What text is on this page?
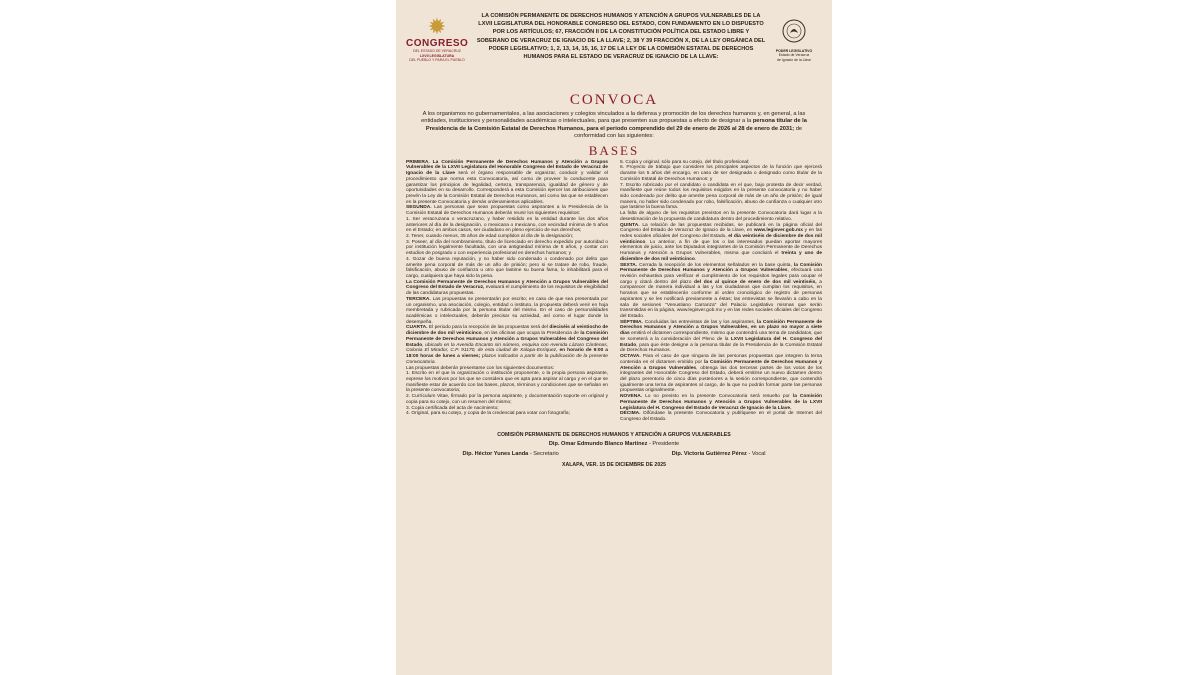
✹
CONGRESO
DEL ESTADO DE VERACRUZ
LXVII LEGISLATURA
DEL PUEBLO Y PARA EL PUEBLO
LA COMISIÓN PERMANENTE DE DERECHOS HUMANOS Y ATENCIÓN A GRUPOS VULNERABLES DE LA LXVII LEGISLATURA DEL HONORABLE CONGRESO DEL ESTADO, CON FUNDAMENTO EN LO DISPUESTO POR LOS ARTÍCULOS; 67, FRACCIÓN II DE LA CONSTITUCIÓN POLÍTICA DEL ESTADO LIBRE Y SOBERANO DE VERACRUZ DE IGNACIO DE LA LLAVE; 2, 38 Y 39 FRACCIÓN X, DE LA LEY ORGÁNICA DEL PODER LEGISLATIVO; 1, 2, 13, 14, 15, 16, 17 DE LA LEY DE LA COMISIÓN ESTATAL DE DERECHOS HUMANOS PARA EL ESTADO DE VERACRUZ DE IGNACIO DE LA LLAVE:
PODER LEGISLATIVO
Estado de Veracruz
de Ignacio de la Llave
CONVOCA
A los organismos no gubernamentales, a las asociaciones y colegios vinculados a la defensa y promoción de los derechos humanos y, en general, a las entidades, instituciones y personalidades académicas o intelectuales, para que presenten sus propuestas a efecto de designar a la persona titular de la Presidencia de la Comisión Estatal de Derechos Humanos, para el periodo comprendido del 29 de enero de 2026 al 28 de enero de 2031; de conformidad con las siguientes:
BASES

PRIMERA. La Comisión Permanente de Derechos Humanos y Atención a Grupos Vulnerables de la LXVII Legislatura del Honorable Congreso del Estado de Veracruz de Ignacio de la Llave será el órgano responsable de organizar, conducir y validar el procedimiento que norma esta Convocatoria, así como de proveer lo conducente para garantizar los principios de legalidad, certeza, transparencia, igualdad de género y de oportunidades en su desarrollo. Corresponderá a esta Comisión ejercer las atribuciones que prevén la Ley de la Comisión Estatal de Derechos Humanos, así como las que se establecen en la presente Convocatoria y demás ordenamientos aplicables.

SEGUNDA. Las personas que sean propuestas como aspirantes a la Presidencia de la Comisión Estatal de Derechos Humanos deberán reunir los siguientes requisitos:

1. Ser veracruzana o veracruzano, y haber residido en la entidad durante los dos años anteriores al día de la designación, o mexicana o mexicano, con vecindad mínima de 5 años en el Estado; en ambos casos, ser ciudadano en pleno ejercicio de sus derechos;

2. Tener, cuando menos, 35 años de edad cumplidos al día de la designación;

3. Poseer, al día del nombramiento, título de licenciado en derecho expedido por autoridad o por institución legalmente facultada, con una antigüedad mínima de 5 años, y contar con estudios de posgrado o con experiencia profesional en derechos humanos; y

4. Gozar de buena reputación, y no haber sido condenado o condenado por delito que amerite pena corporal de más de un año de prisión; pero si se tratare de robo, fraude, falsificación, abuso de confianza u otro que lastime su buena fama, lo inhabilitará para el cargo, cualquiera que haya sido la pena.

La Comisión Permanente de Derechos Humanos y Atención a Grupos Vulnerables del Congreso del Estado de Veracruz, evaluará el cumplimiento de los requisitos de elegibilidad de las candidaturas propuestas.

TERCERA. Las propuestas se presentarán por escrito; en caso de que sea presentada por un organismo, una asociación, colegio, entidad o instituto, la propuesta deberá venir en hoja membretada y rubricada por la persona titular del mismo. En el caso de personalidades académicas o intelectuales, deberán precisar su actividad, así como el lugar donde la desempeña.

CUARTA. El periodo para la recepción de las propuestas será del dieciséis al veintiocho de diciembre de dos mil veinticinco, en las oficinas que ocupa la Presidencia de la Comisión Permanente de Derechos Humanos y Atención a Grupos Vulnerables del Congreso del Estado, ubicado en la Avenida Encanto sin número, esquina con Avenida Lázaro Cárdenas, Colonia El Mirador, C.P. 91170, de esta ciudad de Xalapa-Enríquez, en horario de 9:00 a 18:00 horas de lunes a viernes; plazos indicados a partir de la publicación de la presente Convocatoria.

Las propuestas deberán presentarse con los siguientes documentos:

1. Escrito en el que la organización o institución proponente, o la propia persona aspirante, exprese los motivos por los que se considera que es apta para aspirar al cargo y en el que se manifieste estar de acuerdo con las bases, plazos, términos y condiciones que se señalan en la presente convocatoria;

2. Currículum Vitae, firmado por la persona aspirante, y documentación soporte en original y copia para su cotejo, con un resumen del mismo;

3. Copia certificada del acta de nacimiento;

4. Original, para su cotejo, y copia de la credencial para votar con fotografía;

5. Copia y original, sólo para su cotejo, del título profesional;

6. Proyecto de trabajo que considere los principales aspectos de la función que ejercerá durante los 5 años del encargo, en caso de ser designada o designado como titular de la Comisión Estatal de Derechos Humanos; y

7. Escrito rubricado por el candidato o candidata en el que, bajo protesta de decir verdad, manifieste que reúne todos los requisitos exigidos en la presente convocatoria y no haber sido condenado por delito que amerite pena corporal de más de un año de prisión; de igual manera, no haber sido condenado por robo, falsificación, abuso de confianza o cualquier otro que lastime la buena fama.

La falta de alguno de los requisitos previstos en la presente Convocatoria dará lugar a la desestimación de la propuesta de candidatura dentro del procedimiento relativo.

QUINTA. La relación de las propuestas recibidas, se publicará en la página oficial del Congreso del Estado de Veracruz de Ignacio de la Llave, en www.legisver.gob.mx y en las redes sociales oficiales del Congreso del Estado, el día veintiséis de diciembre de dos mil veinticinco. Lo anterior, a fin de que los o las interesados puedan aportar mayores elementos de juicio, ante los Diputados integrantes de la Comisión Permanente de Derechos Humanos y Atención a Grupos Vulnerables, misma que concluirá el treinta y uno de diciembre de dos mil veinticinco.

SEXTA. Cerrada la recepción de los elementos señalados en la base quinta, la Comisión Permanente de Derechos Humanos y Atención a Grupos Vulnerables, efectuará una revisión exhaustiva para verificar el cumplimiento de los requisitos legales para ocupar el cargo y citará dentro del plazo del dos al quince de enero de dos mil veintiséis, a comparecer de manera individual a las y los ciudadanos que cumplan los requisitos, en horarios que se establecerán conforme al orden cronológico de registro de personas aspirantes y se les notificará previamente a éstas; las entrevistas se llevarán a cabo en la sala de sesiones "Venustiano Carranza" del Palacio Legislativo mismas que serán transmitidas en la página, www.legisver.gob.mx y en las redes sociales oficiales del Congreso del Estado.

SÉPTIMA. Concluidas las entrevistas de las y los aspirantes, la Comisión Permanente de Derechos Humanos y Atención a Grupos Vulnerables, en un plazo no mayor a siete días emitirá el dictamen correspondiente, mismo que contendrá una terna de candidatos, que se someterá a la consideración del Pleno de la LXVII Legislatura del H. Congreso del Estado, para que éste designe a la persona titular de la Presidencia de la Comisión Estatal de Derechos Humanos.

OCTAVA. Para el caso de que ninguna de las personas propuestas que integren la terna contenida en el dictamen emitido por la Comisión Permanente de Derechos Humanos y Atención a Grupos Vulnerables, obtenga las dos terceras partes de los votos de los integrantes del Honorable Congreso del Estado, deberá emitirse un nuevo dictamen dentro del plazo perentorio de cinco días posteriores a la sesión correspondiente, que contendrá igualmente una terna de aspirantes al cargo, de la que no podrán formar parte las personas propuestas originalmente.

NOVENA. Lo no previsto en la presente Convocatoria será resuelto por la Comisión Permanente de Derechos Humanos y Atención a Grupos Vulnerables de la LXVII Legislatura del H. Congreso del Estado de Veracruz de Ignacio de la Llave.

DÉCIMA. Difúndase la presente Convocatoria y publíquese en el portal de Internet del Congreso del Estado.

COMISIÓN PERMANENTE DE DERECHOS HUMANOS Y ATENCIÓN A GRUPOS VULNERABLES
Dip. Omar Edmundo Blanco Martínez - Presidente
Dip. Héctor Yunes Landa - Secretario	Dip. Victoria Gutiérrez Pérez - Vocal
XALAPA, VER. 15 DE DICIEMBRE DE 2025
